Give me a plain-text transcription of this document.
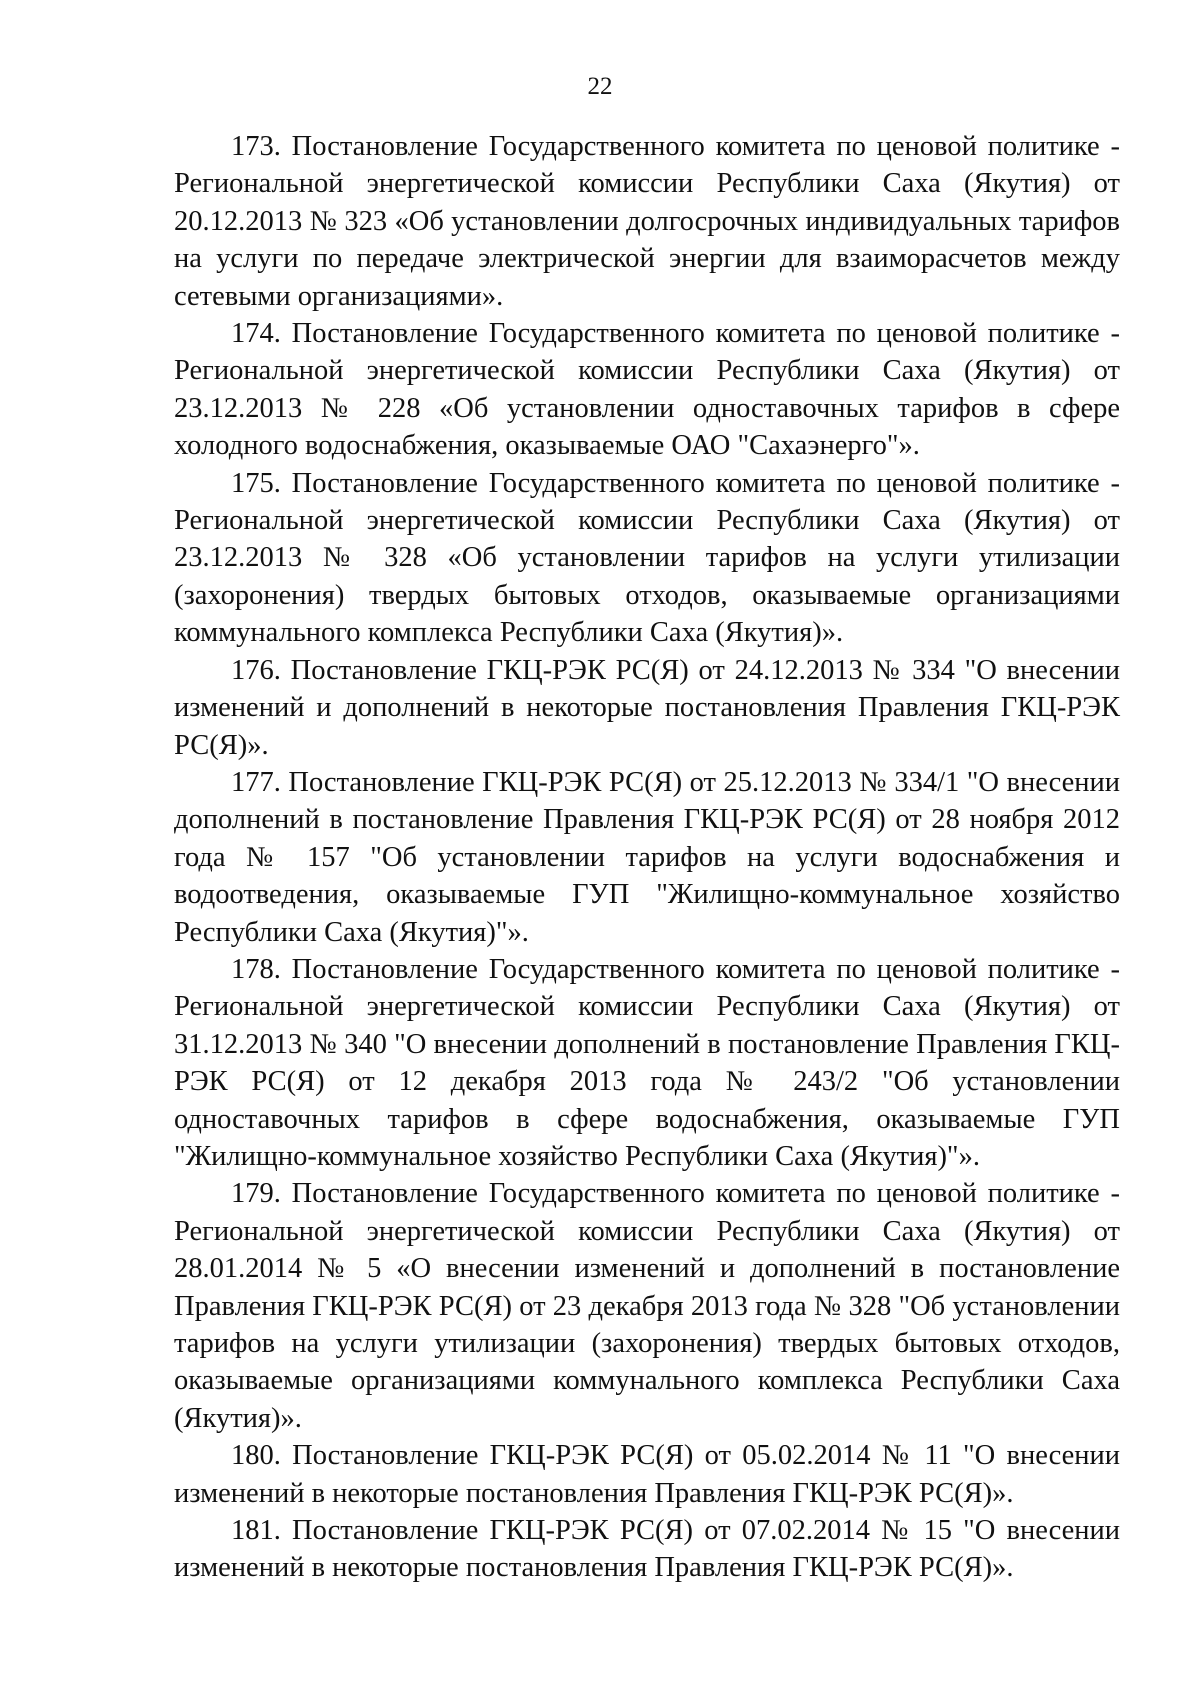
22

173. Постановление Государственного комитета по ценовой политике - Региональной энергетической комиссии Республики Саха (Якутия) от 20.12.2013 № 323 «Об установлении долгосрочных индивидуальных тарифов на услуги по передаче электрической энергии для взаиморасчетов между сетевыми организациями».

174. Постановление Государственного комитета по ценовой политике - Региональной энергетической комиссии Республики Саха (Якутия) от 23.12.2013 № 228 «Об установлении одноставочных тарифов в сфере холодного водоснабжения, оказываемые ОАО "Сахаэнерго"».

175. Постановление Государственного комитета по ценовой политике - Региональной энергетической комиссии Республики Саха (Якутия) от 23.12.2013 № 328 «Об установлении тарифов на услуги утилизации (захоронения) твердых бытовых отходов, оказываемые организациями коммунального комплекса Республики Саха (Якутия)».

176. Постановление ГКЦ-РЭК РС(Я) от 24.12.2013 № 334 "О внесении изменений и дополнений в некоторые постановления Правления ГКЦ-РЭК РС(Я)».

177. Постановление ГКЦ-РЭК РС(Я) от 25.12.2013 № 334/1 "О внесении дополнений в постановление Правления ГКЦ-РЭК РС(Я) от 28 ноября 2012 года № 157 "Об установлении тарифов на услуги водоснабжения и водоотведения, оказываемые ГУП "Жилищно-коммунальное хозяйство Республики Саха (Якутия)"».

178. Постановление Государственного комитета по ценовой политике - Региональной энергетической комиссии Республики Саха (Якутия) от 31.12.2013 № 340 "О внесении дополнений в постановление Правления ГКЦ-РЭК РС(Я) от 12 декабря 2013 года № 243/2 "Об установлении одноставочных тарифов в сфере водоснабжения, оказываемые ГУП "Жилищно-коммунальное хозяйство Республики Саха (Якутия)"».

179. Постановление Государственного комитета по ценовой политике - Региональной энергетической комиссии Республики Саха (Якутия) от 28.01.2014 № 5 «О внесении изменений и дополнений в постановление Правления ГКЦ-РЭК РС(Я) от 23 декабря 2013 года № 328 "Об установлении тарифов на услуги утилизации (захоронения) твердых бытовых отходов, оказываемые организациями коммунального комплекса Республики Саха (Якутия)».

180. Постановление ГКЦ-РЭК РС(Я) от 05.02.2014 № 11 "О внесении изменений в некоторые постановления Правления ГКЦ-РЭК РС(Я)».

181. Постановление ГКЦ-РЭК РС(Я) от 07.02.2014 № 15 "О внесении изменений в некоторые постановления Правления ГКЦ-РЭК РС(Я)».
